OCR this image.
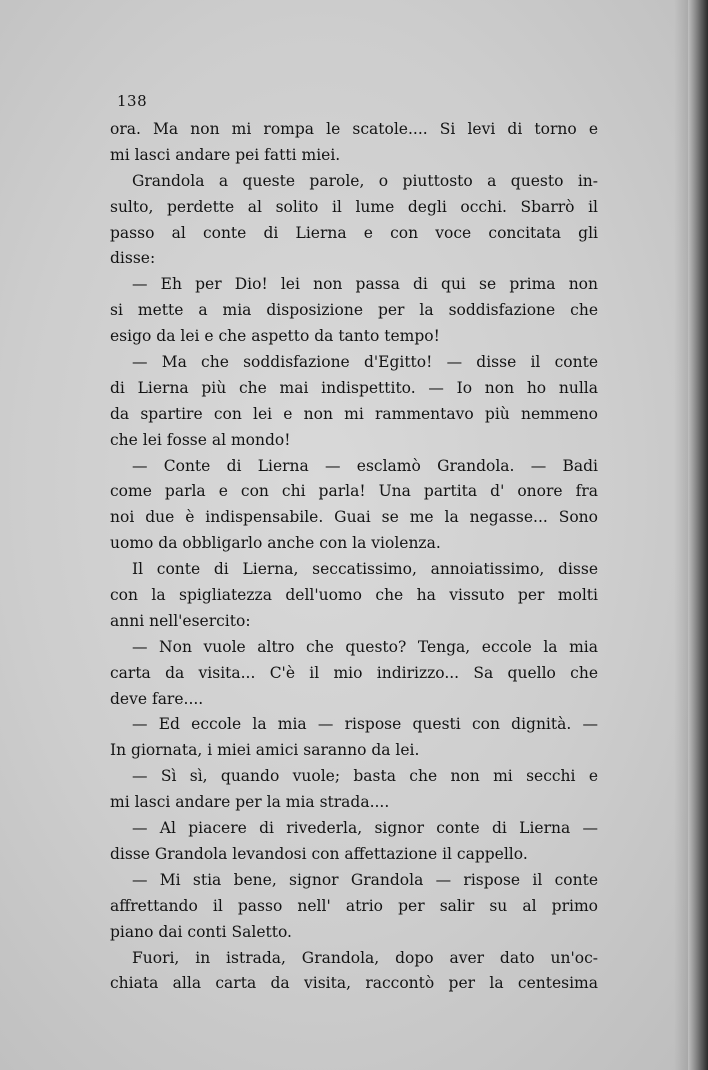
138
ora. Ma non mi rompa le scatole.... Si levi di torno e
mi lasci andare pei fatti miei.
Grandola a queste parole, o piuttosto a questo in-
sulto, perdette al solito il lume degli occhi. Sbarrò il
passo al conte di Lierna e con voce concitata gli
disse:
— Eh per Dio! lei non passa di qui se prima non
si mette a mia disposizione per la soddisfazione che
esigo da lei e che aspetto da tanto tempo!
— Ma che soddisfazione d'Egitto! — disse il conte
di Lierna più che mai indispettito. — Io non ho nulla
da spartire con lei e non mi rammentavo più nemmeno
che lei fosse al mondo!
— Conte di Lierna — esclamò Grandola. — Badi
come parla e con chi parla! Una partita d' onore fra
noi due è indispensabile. Guai se me la negasse... Sono
uomo da obbligarlo anche con la violenza.
Il conte di Lierna, seccatissimo, annoiatissimo, disse
con la spigliatezza dell'uomo che ha vissuto per molti
anni nell'esercito:
— Non vuole altro che questo? Tenga, eccole la mia
carta da visita... C'è il mio indirizzo... Sa quello che
deve fare....
— Ed eccole la mia — rispose questi con dignità. —
In giornata, i miei amici saranno da lei.
— Sì sì, quando vuole; basta che non mi secchi e
mi lasci andare per la mia strada....
— Al piacere di rivederla, signor conte di Lierna —
disse Grandola levandosi con affettazione il cappello.
— Mi stia bene, signor Grandola — rispose il conte
affrettando il passo nell' atrio per salir su al primo
piano dai conti Saletto.
Fuori, in istrada, Grandola, dopo aver dato un'oc-
chiata alla carta da visita, raccontò per la centesima
